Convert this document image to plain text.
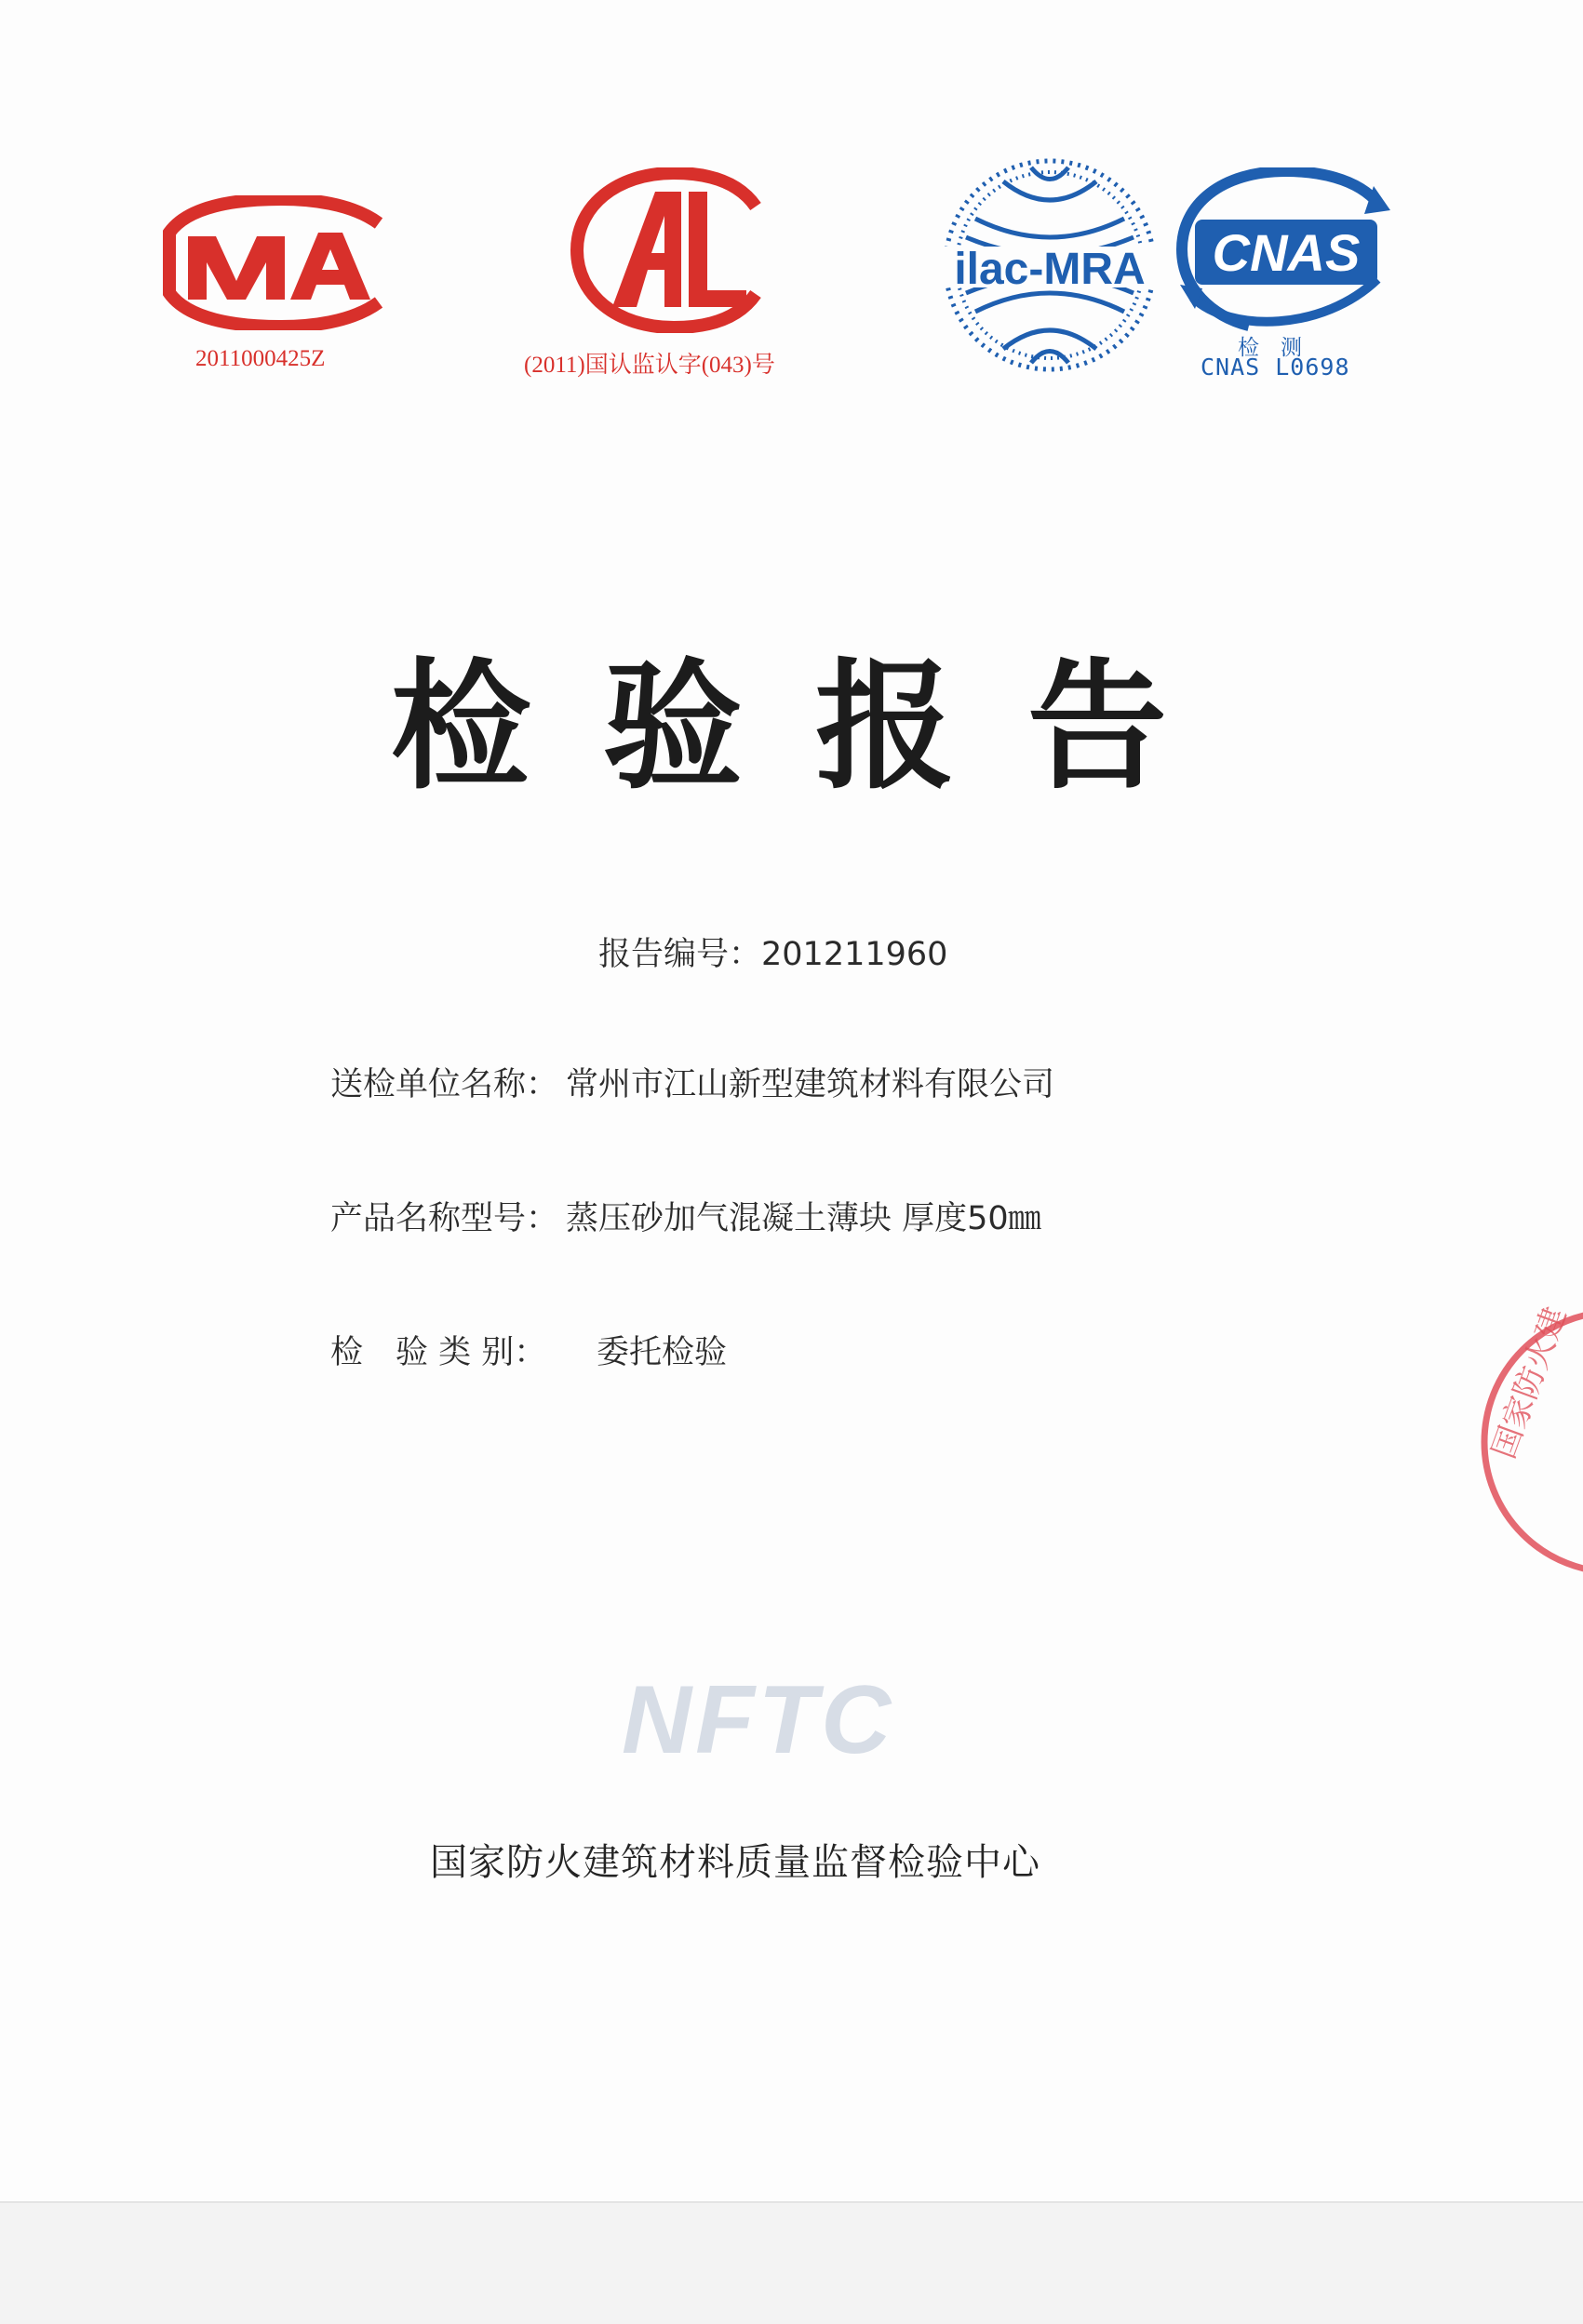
2011000425Z	(2011)国认监认字(043)号
ilac-MRA CNAS
检　测
CNAS L0698
检验报告
报告编号：201211960
送检单位名称： 常州市江山新型建筑材料有限公司
产品名称型号： 蒸压砂加气混凝土薄块 厚度50㎜
检　验 类 别： 委托检验	国家防火建
NFTC
国家防火建筑材料质量监督检验中心
